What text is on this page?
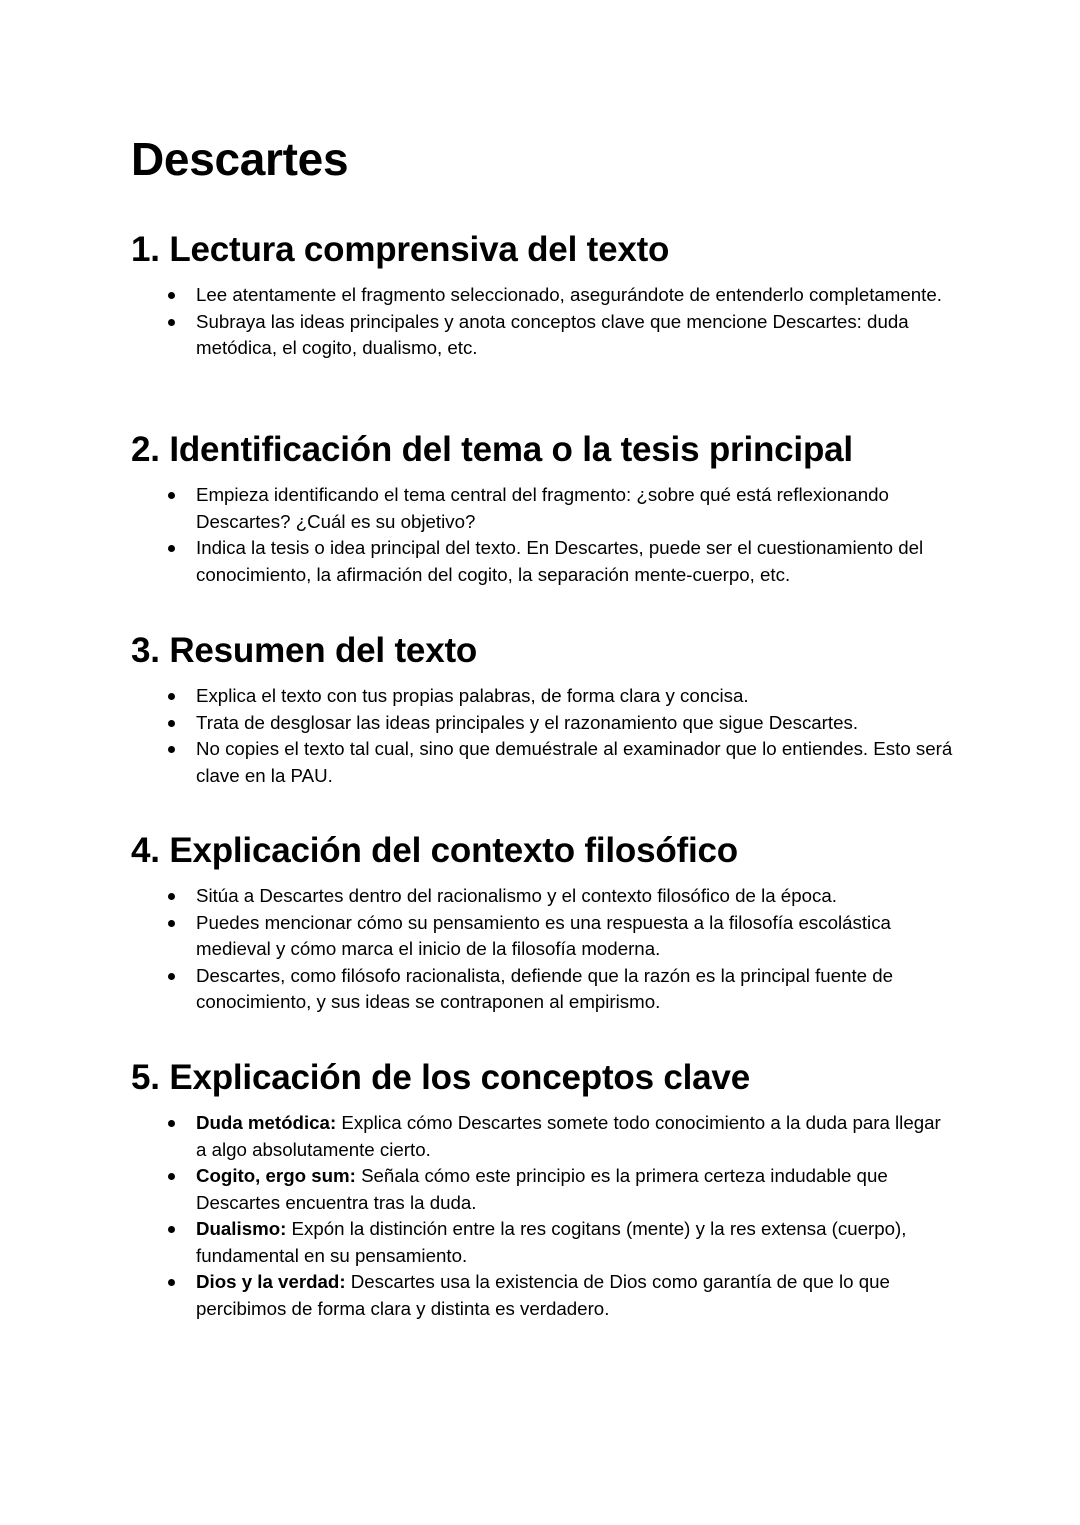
Descartes
1. Lectura comprensiva del texto
Lee atentamente el fragmento seleccionado, asegurándote de entenderlo completamente.
Subraya las ideas principales y anota conceptos clave que mencione Descartes: duda metódica, el cogito, dualismo, etc.
2. Identificación del tema o la tesis principal
Empieza identificando el tema central del fragmento: ¿sobre qué está reflexionando Descartes? ¿Cuál es su objetivo?
Indica la tesis o idea principal del texto. En Descartes, puede ser el cuestionamiento del conocimiento, la afirmación del cogito, la separación mente-cuerpo, etc.
3. Resumen del texto
Explica el texto con tus propias palabras, de forma clara y concisa.
Trata de desglosar las ideas principales y el razonamiento que sigue Descartes.
No copies el texto tal cual, sino que demuéstrale al examinador que lo entiendes. Esto será clave en la PAU.
4. Explicación del contexto filosófico
Sitúa a Descartes dentro del racionalismo y el contexto filosófico de la época.
Puedes mencionar cómo su pensamiento es una respuesta a la filosofía escolástica medieval y cómo marca el inicio de la filosofía moderna.
Descartes, como filósofo racionalista, defiende que la razón es la principal fuente de conocimiento, y sus ideas se contraponen al empirismo.
5. Explicación de los conceptos clave
Duda metódica: Explica cómo Descartes somete todo conocimiento a la duda para llegar a algo absolutamente cierto.
Cogito, ergo sum: Señala cómo este principio es la primera certeza indudable que Descartes encuentra tras la duda.
Dualismo: Expón la distinción entre la res cogitans (mente) y la res extensa (cuerpo), fundamental en su pensamiento.
Dios y la verdad: Descartes usa la existencia de Dios como garantía de que lo que percibimos de forma clara y distinta es verdadero.
